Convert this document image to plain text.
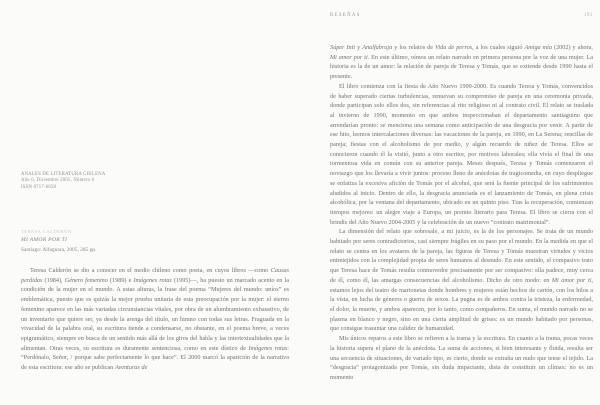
ANALES DE LITERATURA CHILENA
Año 6, Diciembre 2005, Número 6
ISSN 0717-6058
TERESA CALDERÓN
MI AMOR POR TI
Santiago: Alfaguara, 2005, 285 pp.
Teresa Calderón se dio a conocer en el medio chileno como poeta, en cuyos libros —como Causas perdidas (1984), Género femenino (1989) e Imágenes rotas (1995)—, ha puesto un marcado acento en la condición de la mujer en el mundo. A estas alturas, la frase del poema “Mujeres del mundo: uníos” es emblemática, puesto que es quizás la mejor prueba unitaria de esta preocupación por la mujer: el eterno femenino aparece en las más variadas circunstancias vitales, por obra de un alumbramiento exhaustivo, de un inventario que quiere ser, ya desde la arenga del título, un himno con todas sus letras. Fraguada en la vivacidad de la palabra oral, su escritura tiende a condensarse, no obstante, en el poema breve, a veces epigramático, siempre en busca de un sentido más allá de los giros del habla y las intertextualidades que la alimentan. Otras veces, su escritura es duramente sentenciosa, como en este dístico de Imágenes rotas: “Perdónalo, Señor, / porque sabe perfectamente lo que hace”. El 2000 marcó la aparición de la narrativa de esta escritora: ese año se publican Aventuras de
RESEÑAS	191

Súper Inti y Analfabruja y los relatos de Vida de perros, a los cuales siguió Amiga mía (2002) y ahora, Mi amor por ti. En este último, oímos un relato narrado en primera persona por la voz de una mujer. La historia es la de un amor: la relación de pareja de Teresa y Tomás, que se extiende desde 1990 hasta el presente.

El libro comienza con la fiesta de Año Nuevo 1999-2000. Es cuando Teresa y Tomás, convencidos de haber superado ciertas turbulencias, renuevan su compromiso de pareja en una ceremonia privada, donde participan solo ellos dos, sin referencias al rito religioso ni al contrato civil. El relato se traslada al invierno de 1990, momento en que ambos inspeccionaban el departamento santiaguino que arrendarían pronto: se menciona una semana como anticipación de una desgracia por venir. A partir de ese hito, leemos intercalaciones diversas: las vacaciones de la pareja, en 1990, en La Serena; rencillas de pareja; fiestas con el alcoholismo de por medio, y algún recuerdo de niñez de Teresa. Ellos se conocieron cuando él la visitó, junto a otro escritor, por motivos laborales; ella vivía el final de una tormentosa vida en común con su anterior pareja. Meses después, Teresa y Tomás comenzaron el noviazgo que los llevaría a vivir juntos: proceso lleno de anécdotas de tragicomedia, en cuyo despliegue se enfatiza la excesiva afición de Tomás por el alcohol, que será la fuente principal de los sufrimientos aludidos al inicio. Dentro de ello, la desgracia anunciada es el lanzamiento de Tomás, en plena crisis alcohólica, por la ventana del departamento, ubicado en un quinto piso. Tras la recuperación, comienzan tiempos mejores: un alegre viaje a Europa, un premio literario para Teresa. El libro se cierra con el brindis del Año Nuevo 2004-2005 y la celebración de un nuevo “contrato matrimonial”.

La dimensión del relato que sobresale, a mi juicio, es la de los personajes. Se trata de un mundo habitado por seres contradictorios, casi siempre frágiles en su paso por el mundo. En la medida en que el relato se centra en los avatares de la pareja, las figuras de Teresa y Tomás muestran virtudes y vicios entretejidos con la complejidad propia de seres humanos al desnudo. En este sentido, el compasivo trato que Teresa hace de Tomás resulta conmovedor precisamente por ser compasivo: ella padece, muy cerca de él, como él, las amargas consecuencias del alcoholismo. Dicho de otro modo: en Mi amor por ti, estamos lejos del teatro de marionetas donde hombres y mujeres están hechos de cartón, con los hilos a la vista, en lucha de géneros o guerra de sexos. La pugna es de ambos contra la tristeza, la enfermedad, el dolor, la muerte, y ambos aparecen, por lo tanto, como compañeros. En suma, el mundo narrado no se plasma en blanco y negro, sino en una cierta amplitud de grises: es un mundo habitado por personas, que consigue trasuntar una calidez de humanidad.

Mis únicos reparos a este libro se refieren a la trama y la escritura. En cuanto a la trama, pocas veces la historia supera el plano de la anécdota. La suma de acciones, si bien interesante y fluida, resulta ser una secuencia de situaciones, de variado tipo, es cierto, donde se extraña un nudo que tense el tejido. La “desgracia” protagonizada por Tomás, sin duda impactante, dista de constituir un clímax: no es un momento
